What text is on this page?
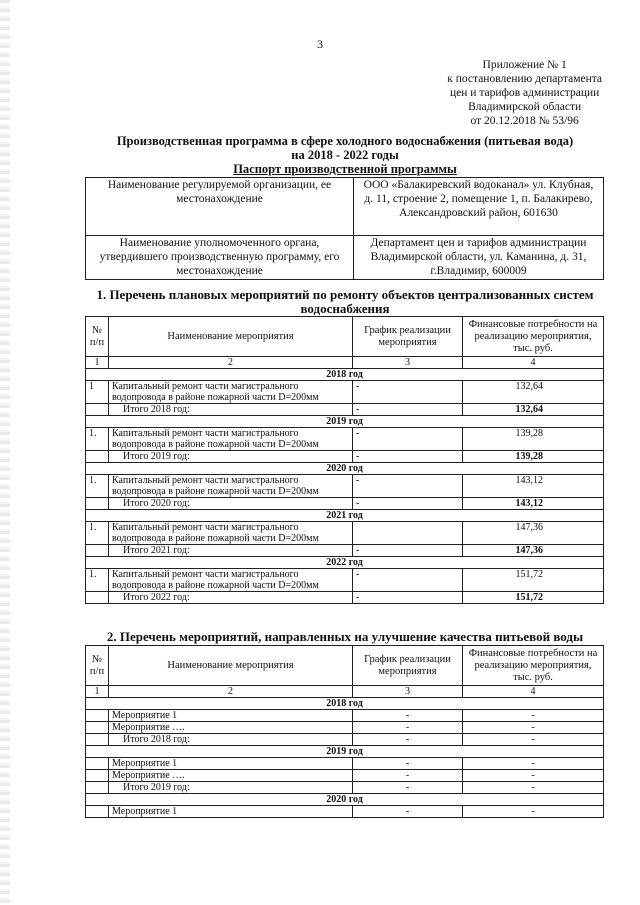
3
Приложение № 1
к постановлению департамента
цен и тарифов администрации
Владимирской области
от 20.12.2018 № 53/96
Производственная программа в сфере холодного водоснабжения (питьевая вода)
на 2018 - 2022 годы
Паспорт производственной программы
Наименование регулируемой организации, ее местонахождение	ООО «Балакиревский водоканал» ул. Клубная, д. 11, строение 2, помещение 1, п. Балакирево, Александровский район, 601630
Наименование уполномоченного органа, утвердившего производственную программу, его местонахождение	Департамент цен и тарифов администрации Владимирской области, ул. Каманина, д. 31, г.Владимир, 600009
1. Перечень плановых мероприятий по ремонту объектов централизованных систем водоснабжения
№ п/п	Наименование мероприятия	График реализации мероприятия	Финансовые потребности на реализацию мероприятия, тыс. руб.
1	2	3	4
2018 год			
1	Капитальный ремонт части магистрального водопровода в районе пожарной части D=200мм	-	132,64
	Итого 2018 год:	-	132,64
2019 год			
1.	Капитальный ремонт части магистрального водопровода в районе пожарной части D=200мм	-	139,28
	Итого 2019 год:	-	139,28
2020 год			
1.	Капитальный ремонт части магистрального водопровода в районе пожарной части D=200мм	-	143,12
	Итого 2020 год:	-	143,12
2021 год			
1.	Капитальный ремонт части магистрального водопровода в районе пожарной части D=200мм		147,36
	Итого 2021 год:	-	147,36
2022 год			
1.	Капитальный ремонт части магистрального водопровода в районе пожарной части D=200мм	-	151,72
	Итого 2022 год:	-	151,72
2. Перечень мероприятий, направленных на улучшение качества питьевой воды
№ п/п	Наименование мероприятия	График реализации мероприятия	Финансовые потребности на реализацию мероприятия, тыс. руб.
1	2	3	4
2018 год			
	Мероприятие 1	-	-
	Мероприятие ….	-	-
	Итого 2018 год:	-	-
2019 год			
	Мероприятие 1	-	-
	Мероприятие ….	-	-
	Итого 2019 год:	-	-
2020 год			
	Мероприятие 1	-	-
